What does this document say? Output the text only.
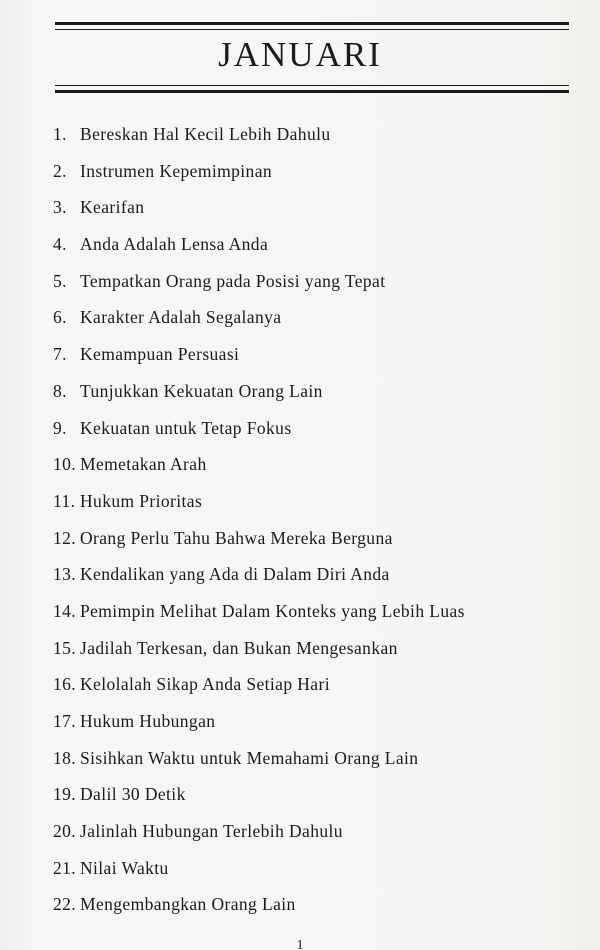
JANUARI
1. Bereskan Hal Kecil Lebih Dahulu
2. Instrumen Kepemimpinan
3. Kearifan
4. Anda Adalah Lensa Anda
5. Tempatkan Orang pada Posisi yang Tepat
6. Karakter Adalah Segalanya
7. Kemampuan Persuasi
8. Tunjukkan Kekuatan Orang Lain
9. Kekuatan untuk Tetap Fokus
10. Memetakan Arah
11. Hukum Prioritas
12. Orang Perlu Tahu Bahwa Mereka Berguna
13. Kendalikan yang Ada di Dalam Diri Anda
14. Pemimpin Melihat Dalam Konteks yang Lebih Luas
15. Jadilah Terkesan, dan Bukan Mengesankan
16. Kelolalah Sikap Anda Setiap Hari
17. Hukum Hubungan
18. Sisihkan Waktu untuk Memahami Orang Lain
19. Dalil 30 Detik
20. Jalinlah Hubungan Terlebih Dahulu
21. Nilai Waktu
22. Mengembangkan Orang Lain
1
